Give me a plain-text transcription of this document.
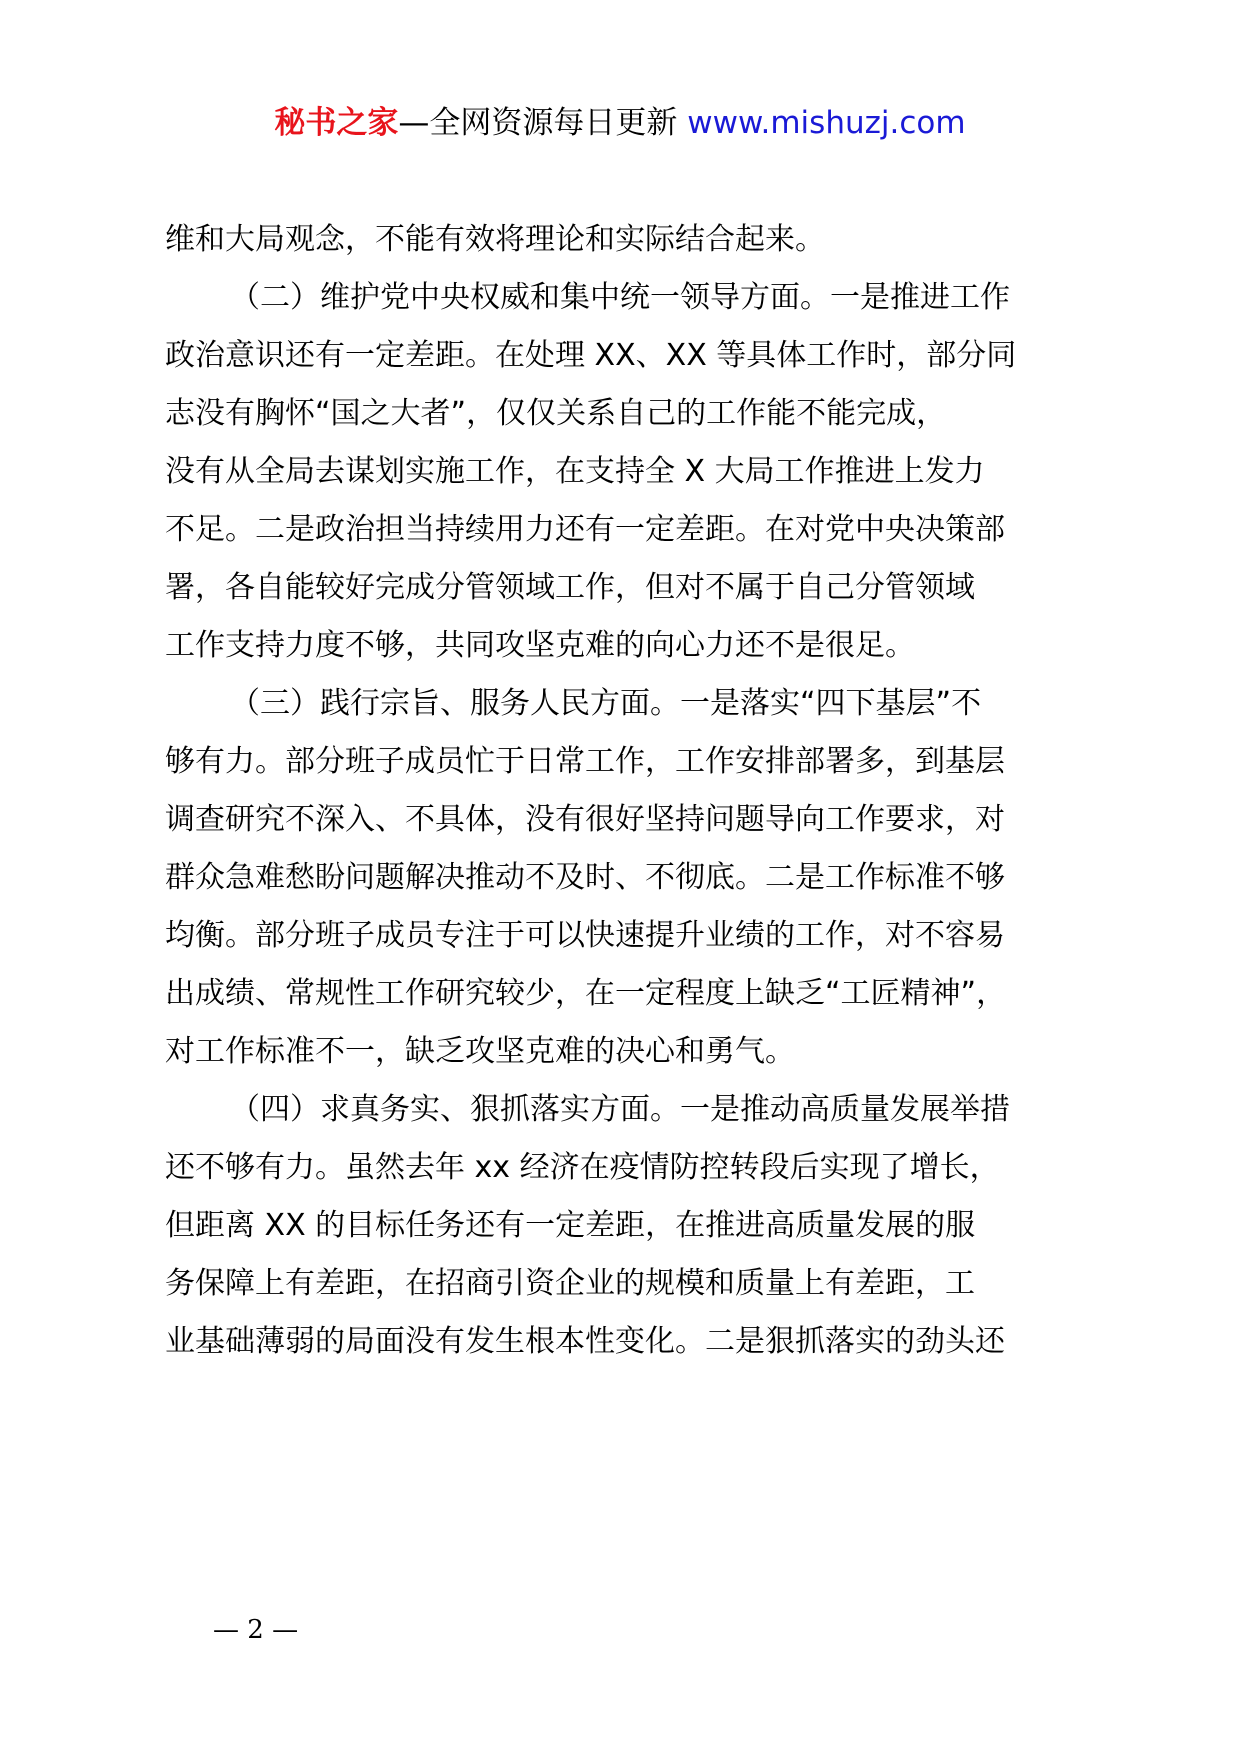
秘书之家—全网资源每日更新 www.mishuzj.com
维和大局观念，不能有效将理论和实际结合起来。
（二）维护党中央权威和集中统一领导方面。一是推进工作
政治意识还有一定差距。在处理 XX、XX 等具体工作时，部分同
志没有胸怀“国之大者”，仅仅关系自己的工作能不能完成，
没有从全局去谋划实施工作，在支持全 X 大局工作推进上发力
不足。二是政治担当持续用力还有一定差距。在对党中央决策部
署，各自能较好完成分管领域工作，但对不属于自己分管领域
工作支持力度不够，共同攻坚克难的向心力还不是很足。
（三）践行宗旨、服务人民方面。一是落实“四下基层”不
够有力。部分班子成员忙于日常工作，工作安排部署多，到基层
调查研究不深入、不具体，没有很好坚持问题导向工作要求，对
群众急难愁盼问题解决推动不及时、不彻底。二是工作标准不够
均衡。部分班子成员专注于可以快速提升业绩的工作，对不容易
出成绩、常规性工作研究较少，在一定程度上缺乏“工匠精神”，
对工作标准不一，缺乏攻坚克难的决心和勇气。
（四）求真务实、狠抓落实方面。一是推动高质量发展举措
还不够有力。虽然去年 xx 经济在疫情防控转段后实现了增长，
但距离 XX 的目标任务还有一定差距，在推进高质量发展的服
务保障上有差距，在招商引资企业的规模和质量上有差距，工
业基础薄弱的局面没有发生根本性变化。二是狠抓落实的劲头还
— 2 —
